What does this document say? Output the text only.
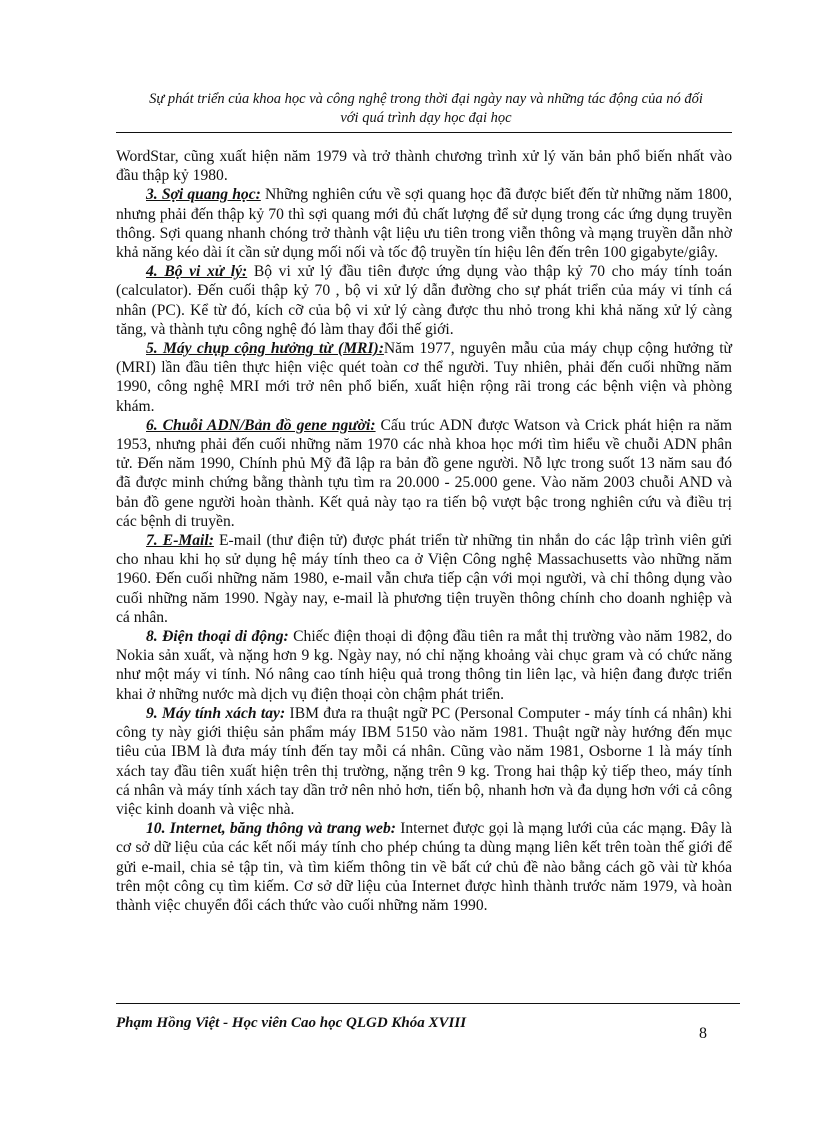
Sự phát triển của khoa học và công nghệ trong thời đại ngày nay và những tác động của nó đối
với quá trình dạy học đại học

WordStar, cũng xuất hiện năm 1979 và trở thành chương trình xử lý văn bản phổ biến nhất vào đầu thập kỷ 1980.

3. Sợi quang học: Những nghiên cứu về sợi quang học đã được biết đến từ những năm 1800, nhưng phải đến thập kỷ 70 thì sợi quang mới đủ chất lượng để sử dụng trong các ứng dụng truyền thông. Sợi quang nhanh chóng trở thành vật liệu ưu tiên trong viễn thông và mạng truyền dẫn nhờ khả năng kéo dài ít cần sử dụng mối nối và tốc độ truyền tín hiệu lên đến trên 100 gigabyte/giây.

4. Bộ vi xử lý: Bộ vi xử lý đầu tiên được ứng dụng vào thập kỷ 70 cho máy tính toán (calculator). Đến cuối thập kỷ 70 , bộ vi xử lý dẫn đường cho sự phát triển của máy vi tính cá nhân (PC). Kể từ đó, kích cỡ của bộ vi xử lý càng được thu nhỏ trong khi khả năng xử lý càng tăng, và thành tựu công nghệ đó làm thay đổi thế giới.

5. Máy chụp cộng hưởng từ (MRI):Năm 1977, nguyên mẫu của máy chụp cộng hưởng từ (MRI) lần đầu tiên thực hiện việc quét toàn cơ thể người. Tuy nhiên, phải đến cuối những năm 1990, công nghệ MRI mới trở nên phổ biến, xuất hiện rộng rãi trong các bệnh viện và phòng khám.

6. Chuỗi ADN/Bản đồ gene người: Cấu trúc ADN được Watson và Crick phát hiện ra năm 1953, nhưng phải đến cuối những năm 1970 các nhà khoa học mới tìm hiểu về chuỗi ADN phân tử. Đến năm 1990, Chính phủ Mỹ đã lập ra bản đồ gene người. Nỗ lực trong suốt 13 năm sau đó đã được minh chứng bằng thành tựu tìm ra 20.000 - 25.000 gene. Vào năm 2003 chuỗi AND và bản đồ gene người hoàn thành. Kết quả này tạo ra tiến bộ vượt bậc trong nghiên cứu và điều trị các bệnh di truyền.

7. E-Mail: E-mail (thư điện tử) được phát triển từ những tin nhắn do các lập trình viên gửi cho nhau khi họ sử dụng hệ máy tính theo ca ở Viện Công nghệ Massachusetts vào những năm 1960. Đến cuối những năm 1980, e-mail vẫn chưa tiếp cận với mọi người, và chỉ thông dụng vào cuối những năm 1990. Ngày nay, e-mail là phương tiện truyền thông chính cho doanh nghiệp và cá nhân.

8. Điện thoại di động: Chiếc điện thoại di động đầu tiên ra mắt thị trường vào năm 1982, do Nokia sản xuất, và nặng hơn 9 kg. Ngày nay, nó chỉ nặng khoảng vài chục gram và có chức năng như một máy vi tính. Nó nâng cao tính hiệu quả trong thông tin liên lạc, và hiện đang được triển khai ở những nước mà dịch vụ điện thoại còn chậm phát triển.

9. Máy tính xách tay: IBM đưa ra thuật ngữ PC (Personal Computer - máy tính cá nhân) khi công ty này giới thiệu sản phẩm máy IBM 5150 vào năm 1981. Thuật ngữ này hướng đến mục tiêu của IBM là đưa máy tính đến tay mỗi cá nhân. Cũng vào năm 1981, Osborne 1 là máy tính xách tay đầu tiên xuất hiện trên thị trường, nặng trên 9 kg. Trong hai thập kỷ tiếp theo, máy tính cá nhân và máy tính xách tay dần trở nên nhỏ hơn, tiến bộ, nhanh hơn và đa dụng hơn với cả công việc kinh doanh và việc nhà.

10. Internet, băng thông và trang web: Internet được gọi là mạng lưới của các mạng. Đây là cơ sở dữ liệu của các kết nối máy tính cho phép chúng ta dùng mạng liên kết trên toàn thế giới để gửi e-mail, chia sẻ tập tin, và tìm kiếm thông tin về bất cứ chủ đề nào bằng cách gõ vài từ khóa trên một công cụ tìm kiếm. Cơ sở dữ liệu của Internet được hình thành trước năm 1979, và hoàn thành việc chuyển đổi cách thức vào cuối những năm 1990.

Phạm Hồng Việt - Học viên Cao học QLGD Khóa XVIII
8
